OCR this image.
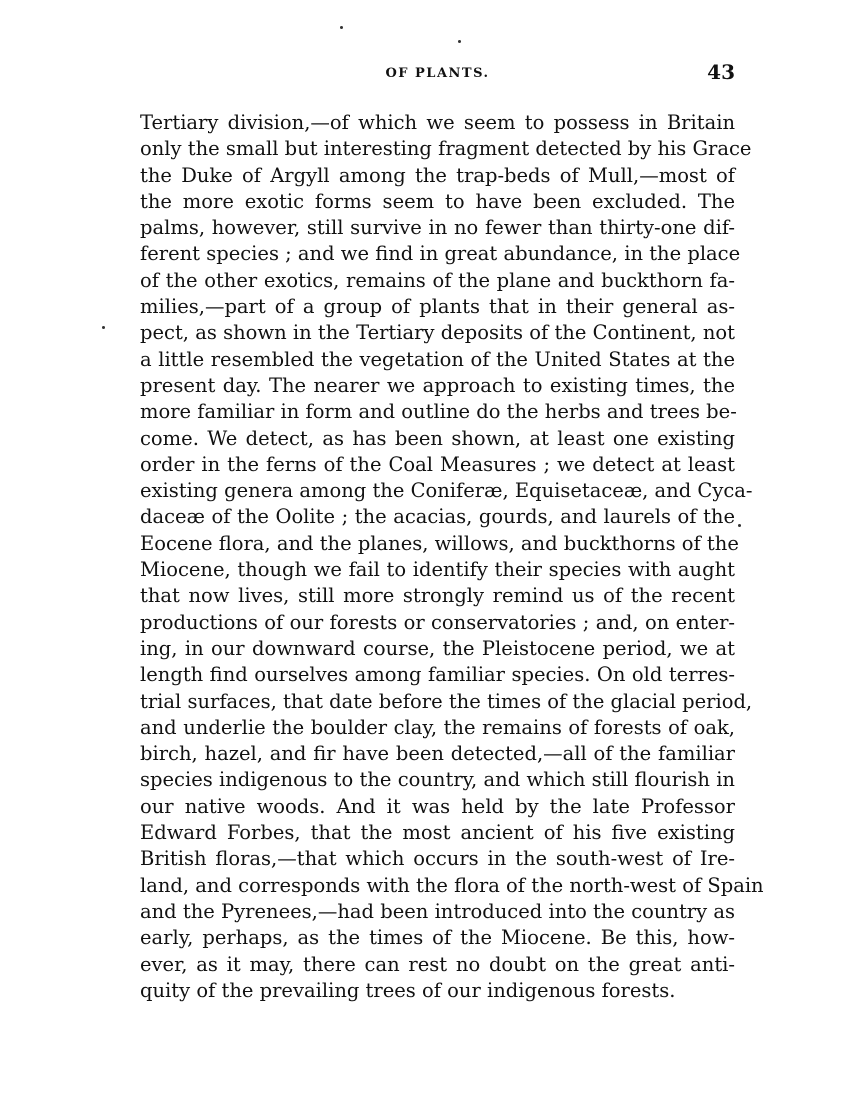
OF PLANTS.	43
Tertiary division,—of which we seem to possess in Britain
only the small but interesting fragment detected by his Grace
the Duke of Argyll among the trap-beds of Mull,—most of
the more exotic forms seem to have been excluded. The
palms, however, still survive in no fewer than thirty-one dif-
ferent species ; and we find in great abundance, in the place
of the other exotics, remains of the plane and buckthorn fa-
milies,—part of a group of plants that in their general as-
pect, as shown in the Tertiary deposits of the Continent, not
a little resembled the vegetation of the United States at the
present day. The nearer we approach to existing times, the
more familiar in form and outline do the herbs and trees be-
come. We detect, as has been shown, at least one existing
order in the ferns of the Coal Measures ; we detect at least
existing genera among the Coniferæ, Equisetaceæ, and Cyca-
daceæ of the Oolite ; the acacias, gourds, and laurels of the
Eocene flora, and the planes, willows, and buckthorns of the
Miocene, though we fail to identify their species with aught
that now lives, still more strongly remind us of the recent
productions of our forests or conservatories ; and, on enter-
ing, in our downward course, the Pleistocene period, we at
length find ourselves among familiar species. On old terres-
trial surfaces, that date before the times of the glacial period,
and underlie the boulder clay, the remains of forests of oak,
birch, hazel, and fir have been detected,—all of the familiar
species indigenous to the country, and which still flourish in
our native woods. And it was held by the late Professor
Edward Forbes, that the most ancient of his five existing
British floras,—that which occurs in the south-west of Ire-
land, and corresponds with the flora of the north-west of Spain
and the Pyrenees,—had been introduced into the country as
early, perhaps, as the times of the Miocene. Be this, how-
ever, as it may, there can rest no doubt on the great anti-
quity of the prevailing trees of our indigenous forests.
